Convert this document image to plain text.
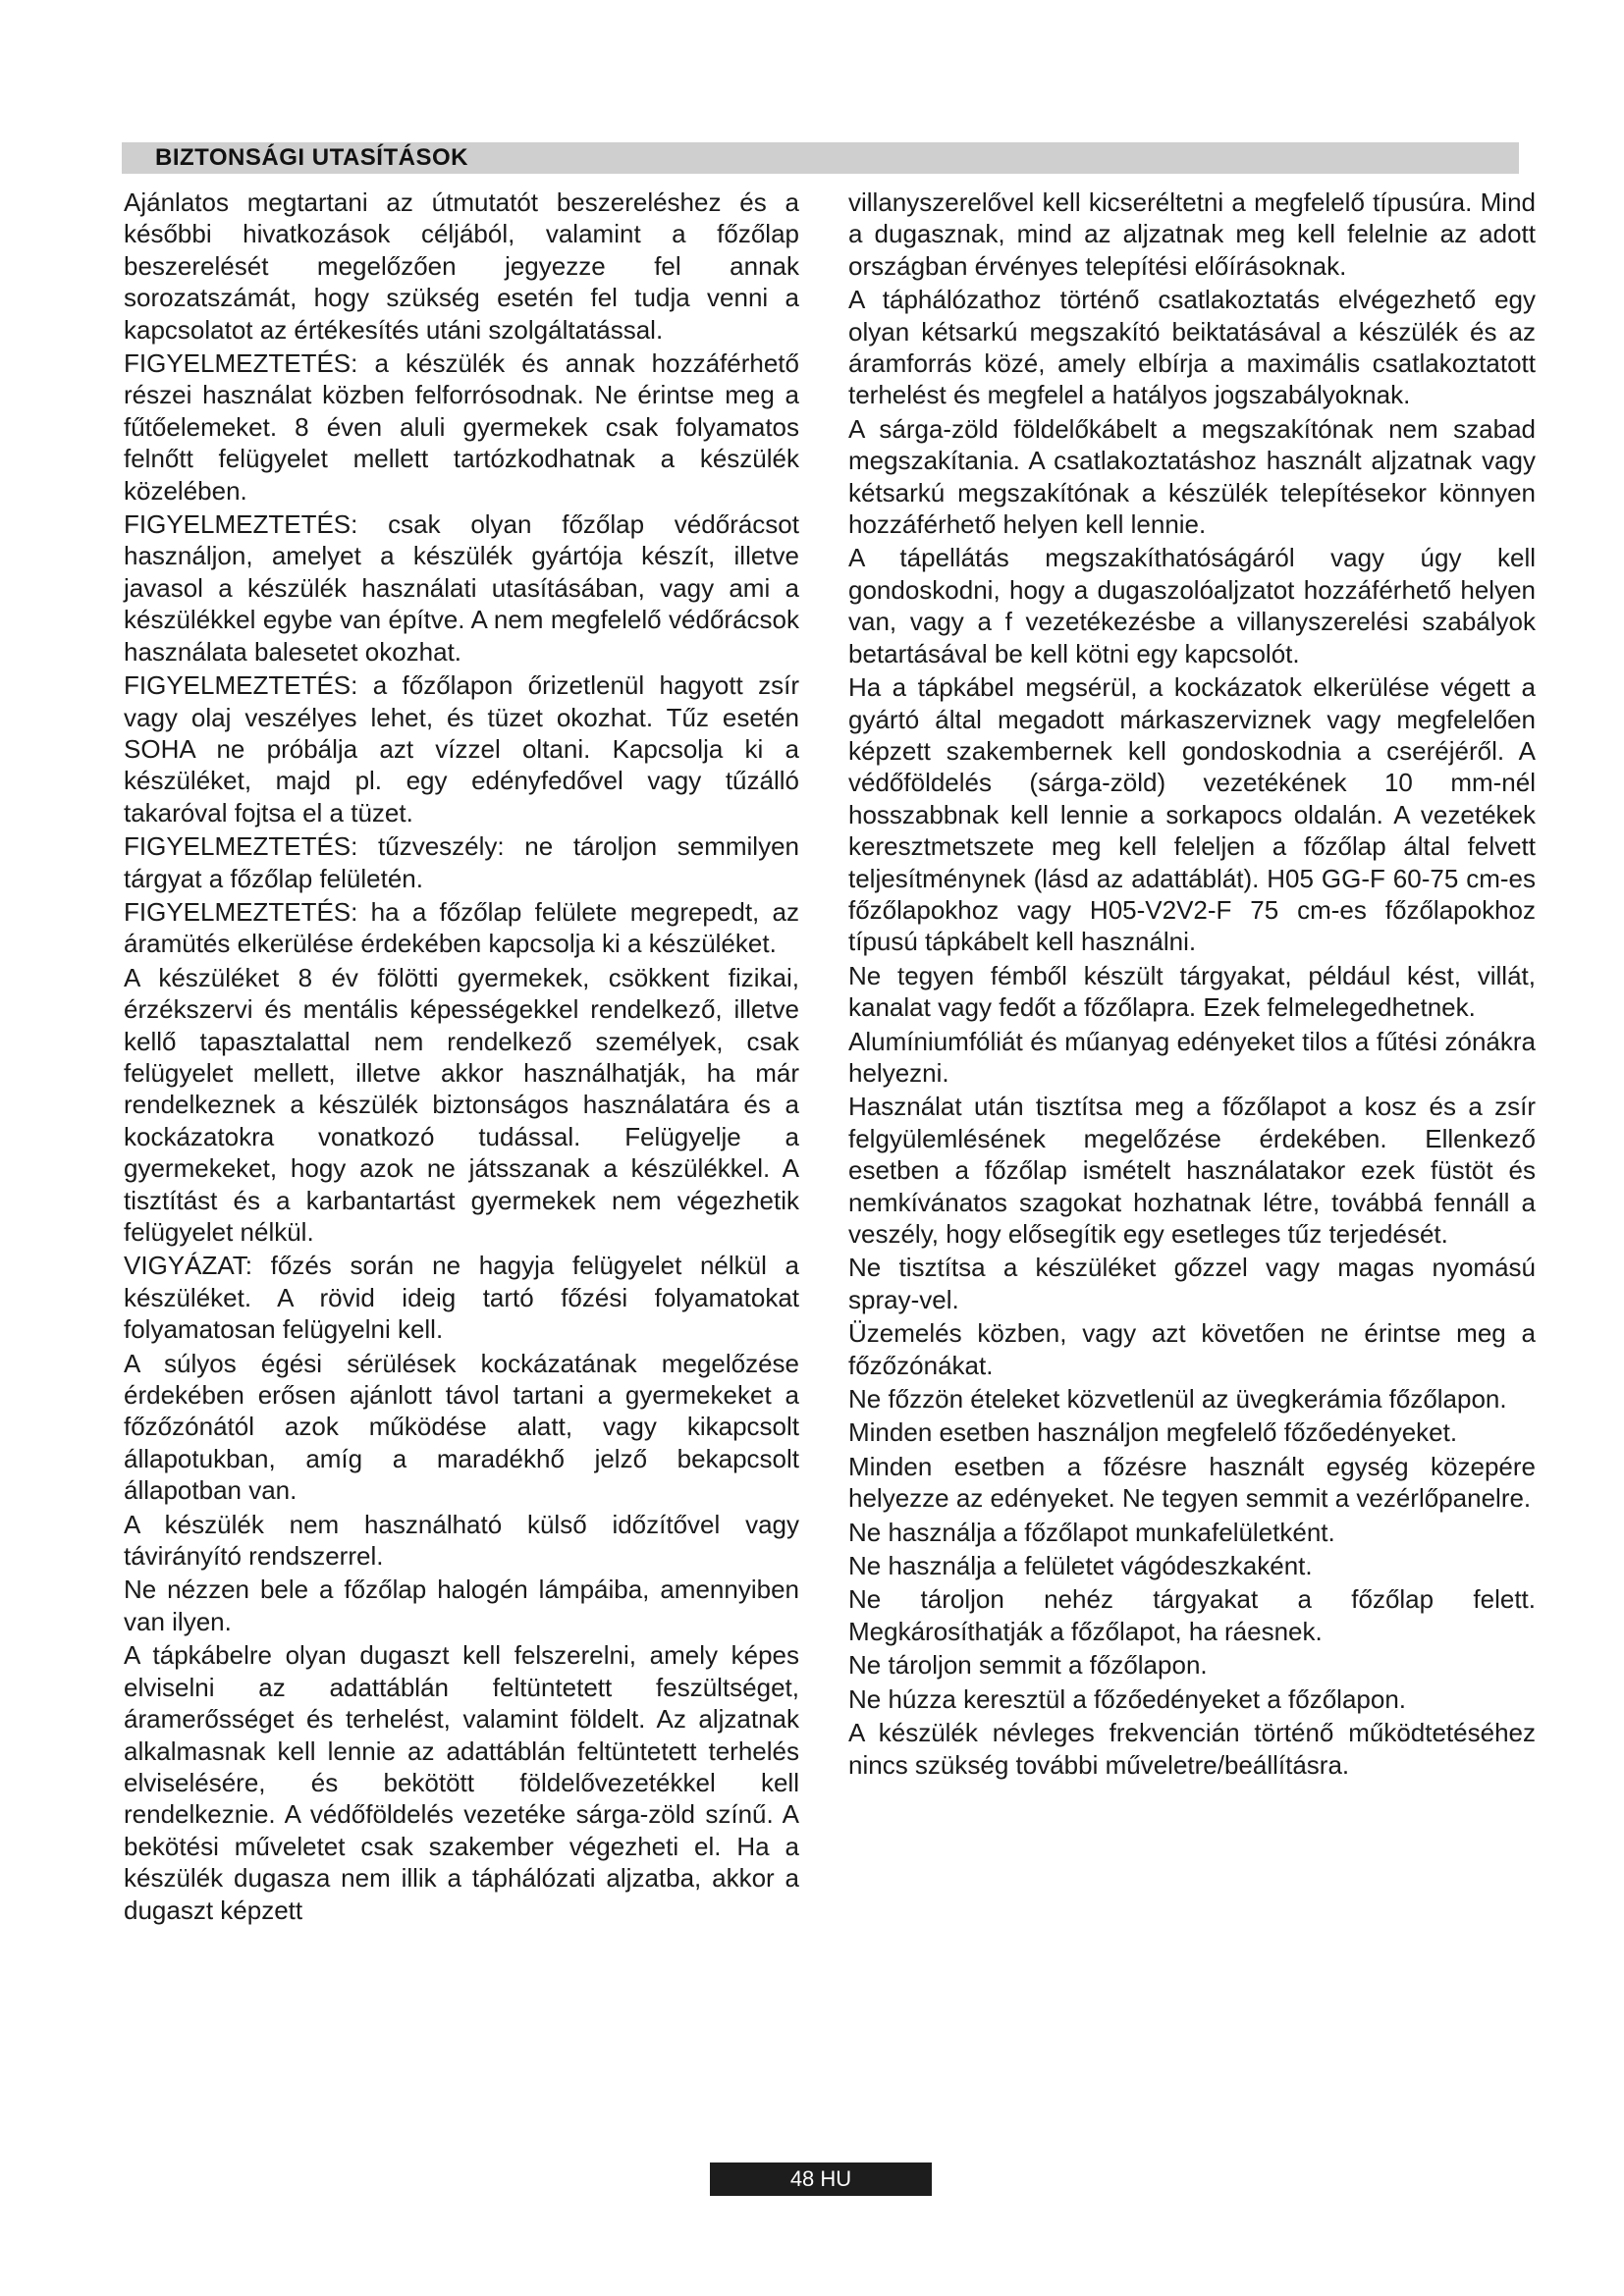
BIZTONSÁGI UTASÍTÁSOK

Ajánlatos megtartani az útmutatót beszereléshez és a későbbi hivatkozások céljából, valamint a főzőlap beszerelését megelőzően jegyezze fel annak sorozatszámát, hogy szükség esetén fel tudja venni a kapcsolatot az értékesítés utáni szolgáltatással.

FIGYELMEZTETÉS: a készülék és annak hozzáférhető részei használat közben felforrósodnak. Ne érintse meg a fűtőelemeket. 8 éven aluli gyermekek csak folyamatos felnőtt felügyelet mellett tartózkodhatnak a készülék közelében.

FIGYELMEZTETÉS: csak olyan főzőlap védőrácsot használjon, amelyet a készülék gyártója készít, illetve javasol a készülék használati utasításában, vagy ami a készülékkel egybe van építve. A nem megfelelő védőrácsok használata balesetet okozhat.

FIGYELMEZTETÉS: a főzőlapon őrizetlenül hagyott zsír vagy olaj veszélyes lehet, és tüzet okozhat. Tűz esetén SOHA ne próbálja azt vízzel oltani. Kapcsolja ki a készüléket, majd pl. egy edényfedővel vagy tűzálló takaróval fojtsa el a tüzet.

FIGYELMEZTETÉS: tűzveszély: ne tároljon semmilyen tárgyat a főzőlap felületén.

FIGYELMEZTETÉS: ha a főzőlap felülete megrepedt, az áramütés elkerülése érdekében kapcsolja ki a készüléket.

A készüléket 8 év fölötti gyermekek, csökkent fizikai, érzékszervi és mentális képességekkel rendelkező, illetve kellő tapasztalattal nem rendelkező személyek, csak felügyelet mellett, illetve akkor használhatják, ha már rendelkeznek a készülék biztonságos használatára és a kockázatokra vonatkozó tudással. Felügyelje a gyermekeket, hogy azok ne játsszanak a készülékkel. A tisztítást és a karbantartást gyermekek nem végezhetik felügyelet nélkül.

VIGYÁZAT: főzés során ne hagyja felügyelet nélkül a készüléket. A rövid ideig tartó főzési folyamatokat folyamatosan felügyelni kell.

A súlyos égési sérülések kockázatának megelőzése érdekében erősen ajánlott távol tartani a gyermekeket a főzőzónától azok működése alatt, vagy kikapcsolt állapotukban, amíg a maradékhő jelző bekapcsolt állapotban van.

A készülék nem használható külső időzítővel vagy távirányító rendszerrel.

Ne nézzen bele a főzőlap halogén lámpáiba, amennyiben van ilyen.

A tápkábelre olyan dugaszt kell felszerelni, amely képes elviselni az adattáblán feltüntetett feszültséget, áramerősséget és terhelést, valamint földelt. Az aljzatnak alkalmasnak kell lennie az adattáblán feltüntetett terhelés elviselésére, és bekötött földelővezetékkel kell rendelkeznie. A védőföldelés vezetéke sárga-zöld színű. A bekötési műveletet csak szakember végezheti el. Ha a készülék dugasza nem illik a táphálózati aljzatba, akkor a dugaszt képzett

villanyszerelővel kell kicseréltetni a megfelelő típusúra. Mind a dugasznak, mind az aljzatnak meg kell felelnie az adott országban érvényes telepítési előírásoknak.

A táphálózathoz történő csatlakoztatás elvégezhető egy olyan kétsarkú megszakító beiktatásával a készülék és az áramforrás közé, amely elbírja a maximális csatlakoztatott terhelést és megfelel a hatályos jogszabályoknak.

A sárga-zöld földelőkábelt a megszakítónak nem szabad megszakítania. A csatlakoztatáshoz használt aljzatnak vagy kétsarkú megszakítónak a készülék telepítésekor könnyen hozzáférhető helyen kell lennie.

A tápellátás megszakíthatóságáról vagy úgy kell gondoskodni, hogy a dugaszolóaljzatot hozzáférhető helyen van, vagy a f vezetékezésbe a villanyszerelési szabályok betartásával be kell kötni egy kapcsolót.

Ha a tápkábel megsérül, a kockázatok elkerülése végett a gyártó által megadott márkaszerviznek vagy megfelelően képzett szakembernek kell gondoskodnia a cseréjéről. A védőföldelés (sárga-zöld) vezetékének 10 mm-nél hosszabbnak kell lennie a sorkapocs oldalán. A vezetékek keresztmetszete meg kell feleljen a főzőlap által felvett teljesítménynek (lásd az adattáblát). H05 GG-F 60-75 cm-es főzőlapokhoz vagy H05-V2V2-F 75 cm-es főzőlapokhoz típusú tápkábelt kell használni.

Ne tegyen fémből készült tárgyakat, például kést, villát, kanalat vagy fedőt a főzőlapra. Ezek felmelegedhetnek.

Alumíniumfóliát és műanyag edényeket tilos a fűtési zónákra helyezni.

Használat után tisztítsa meg a főzőlapot a kosz és a zsír felgyülemlésének megelőzése érdekében. Ellenkező esetben a főzőlap ismételt használatakor ezek füstöt és nemkívánatos szagokat hozhatnak létre, továbbá fennáll a veszély, hogy elősegítik egy esetleges tűz terjedését.

Ne tisztítsa a készüléket gőzzel vagy magas nyomású spray-vel.

Üzemelés közben, vagy azt követően ne érintse meg a főzőzónákat.

Ne főzzön ételeket közvetlenül az üvegkerámia főzőlapon.

Minden esetben használjon megfelelő főzőedényeket.

Minden esetben a főzésre használt egység közepére helyezze az edényeket. Ne tegyen semmit a vezérlőpanelre.

Ne használja a főzőlapot munkafelületként.

Ne használja a felületet vágódeszkaként.

Ne tároljon nehéz tárgyakat a főzőlap felett. Megkárosíthatják a főzőlapot, ha ráesnek.

Ne tároljon semmit a főzőlapon.

Ne húzza keresztül a főzőedényeket a főzőlapon.

A készülék névleges frekvencián történő működtetéséhez nincs szükség további műveletre/beállításra.

48 HU
